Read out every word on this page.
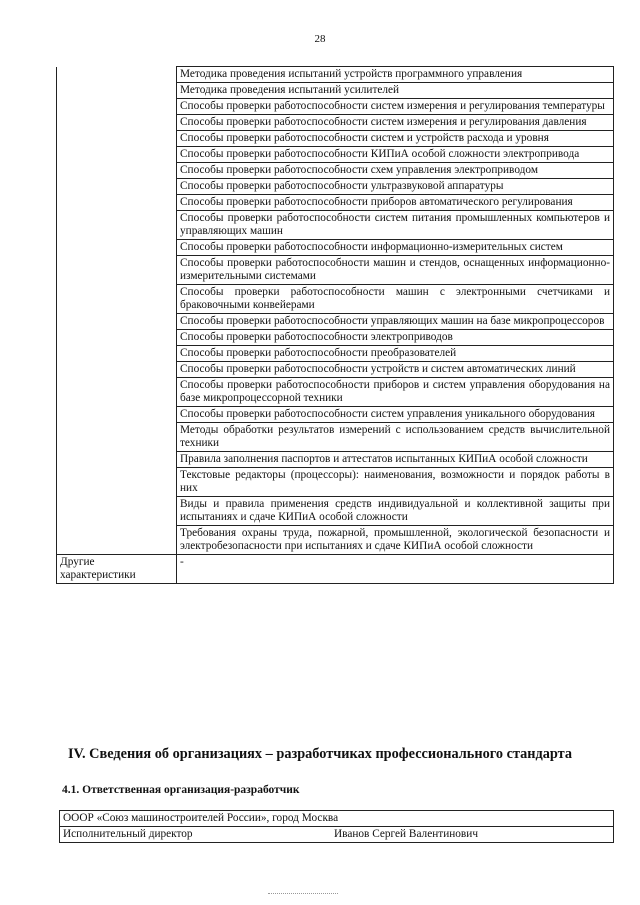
28
	Методика проведения испытаний устройств программного управления
	Методика проведения испытаний усилителей
	Способы проверки работоспособности систем измерения и регулирования температуры
	Способы проверки работоспособности систем измерения и регулирования давления
	Способы проверки работоспособности систем и устройств расхода и уровня
	Способы проверки работоспособности КИПиА особой сложности электропривода
	Способы проверки работоспособности схем управления электроприводом
	Способы проверки работоспособности ультразвуковой аппаратуры
	Способы проверки работоспособности приборов автоматического регулирования
	Способы проверки работоспособности систем питания промышленных компьютеров и управляющих машин
	Способы проверки работоспособности информационно-измерительных систем
	Способы проверки работоспособности машин и стендов, оснащенных информационно-измерительными системами
	Способы проверки работоспособности машин с электронными счетчиками и браковочными конвейерами
	Способы проверки работоспособности управляющих машин на базе микропроцессоров
	Способы проверки работоспособности электроприводов
	Способы проверки работоспособности преобразователей
	Способы проверки работоспособности устройств и систем автоматических линий
	Способы проверки работоспособности приборов и систем управления оборудования на базе микропроцессорной техники
	Способы проверки работоспособности систем управления уникального оборудования
	Методы обработки результатов измерений с использованием средств вычислительной техники
	Правила заполнения паспортов и аттестатов испытанных КИПиА особой сложности
	Текстовые редакторы (процессоры): наименования, возможности и порядок работы в них
	Виды и правила применения средств индивидуальной и коллективной защиты при испытаниях и сдаче КИПиА особой сложности
	Требования охраны труда, пожарной, промышленной, экологической безопасности и электробезопасности при испытаниях и сдаче КИПиА особой сложности
Другие характеристики	-
IV. Сведения об организациях – разработчиках профессионального стандарта
4.1. Ответственная организация-разработчик
ОООР «Союз машиностроителей России», город Москва
Исполнительный директор	Иванов Сергей Валентинович
